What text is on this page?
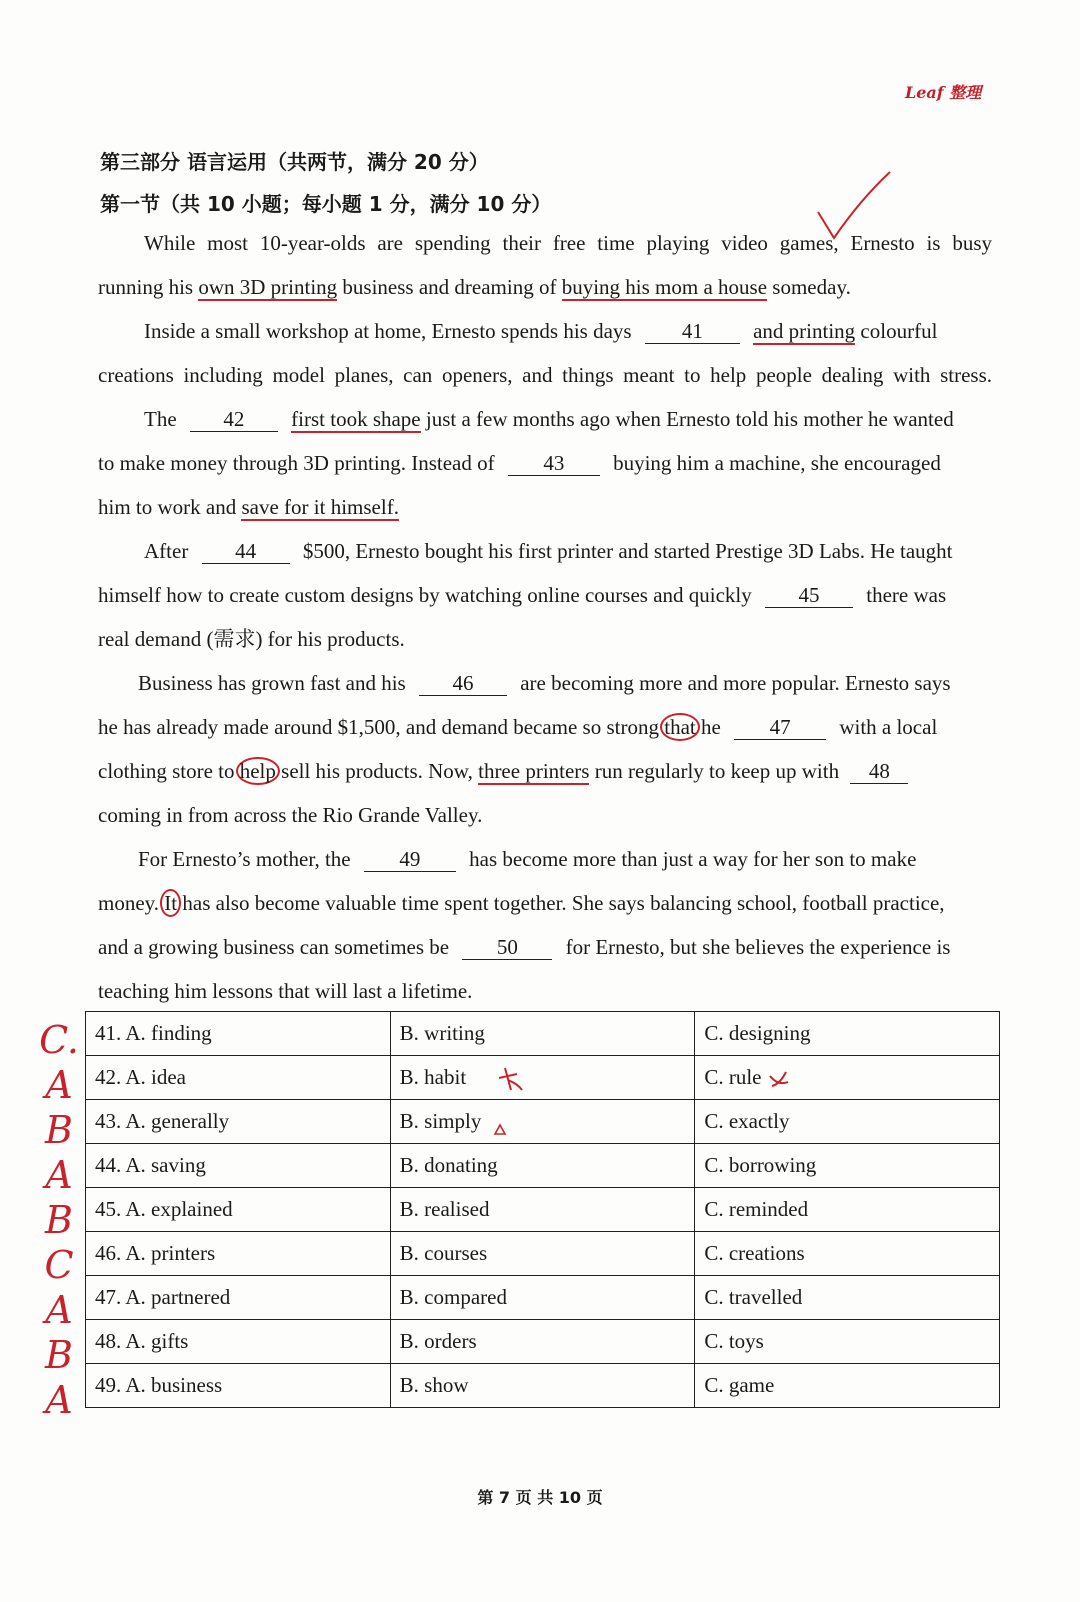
Leaf 整理
第三部分 语言运用（共两节，满分 20 分）
第一节（共 10 小题；每小题 1 分，满分 10 分）
While most 10-year-olds are spending their free time playing video games, Ernesto is busy
running his own 3D printing business and dreaming of buying his mom a house someday.
Inside a small workshop at home, Ernesto spends his days 41 and printing colourful
creations including model planes, can openers, and things meant to help people dealing with stress.
The 42 first took shape just a few months ago when Ernesto told his mother he wanted
to make money through 3D printing. Instead of 43 buying him a machine, she encouraged
him to work and save for it himself.
After 44 $500, Ernesto bought his first printer and started Prestige 3D Labs. He taught
himself how to create custom designs by watching online courses and quickly 45 there was
real demand (需求) for his products.
Business has grown fast and his 46 are becoming more and more popular. Ernesto says
he has already made around $1,500, and demand became so strong that he 47 with a local
clothing store to help sell his products. Now, three printers run regularly to keep up with 48
coming in from across the Rio Grande Valley.
For Ernesto’s mother, the 49 has become more than just a way for her son to make
money. It has also become valuable time spent together. She says balancing school, football practice,
and a growing business can sometimes be 50 for Ernesto, but she believes the experience is
teaching him lessons that will last a lifetime.
C.
A
B
A
B
C
A
B
A
41. A. finding	B. writing	C. designing
42. A. idea	B. habit	C. rule
43. A. generally	B. simply	C. exactly
44. A. saving	B. donating	C. borrowing
45. A. explained	B. realised	C. reminded
46. A. printers	B. courses	C. creations
47. A. partnered	B. compared	C. travelled
48. A. gifts	B. orders	C. toys
49. A. business	B. show	C. game
第 7 页 共 10 页
